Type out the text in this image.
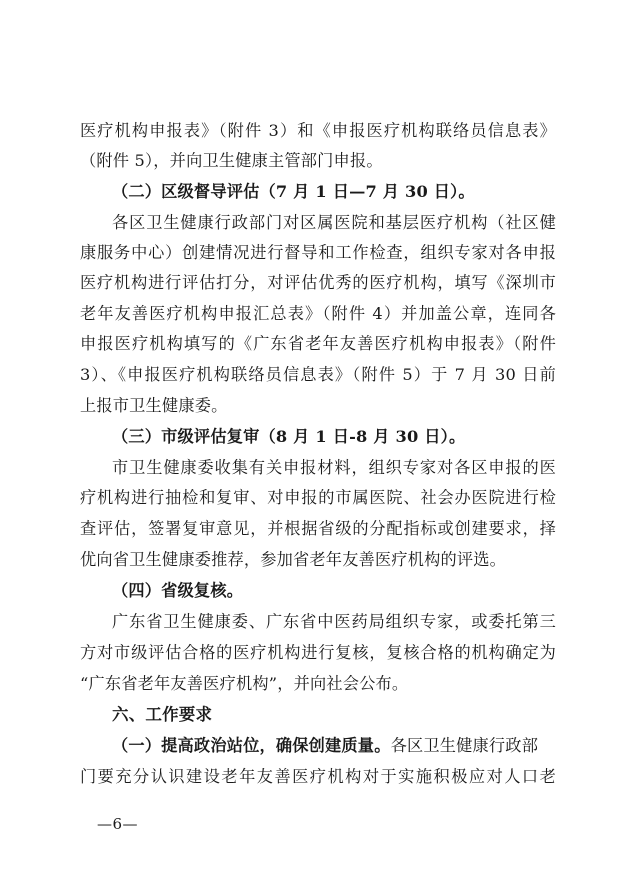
医疗机构申报表》（附件 3）和《申报医疗机构联络员信息表》
（附件 5），并向卫生健康主管部门申报。
（二）区级督导评估（7 月 1 日—7 月 30 日）。
各区卫生健康行政部门对区属医院和基层医疗机构（社区健
康服务中心）创建情况进行督导和工作检查，组织专家对各申报
医疗机构进行评估打分，对评估优秀的医疗机构，填写《深圳市
老年友善医疗机构申报汇总表》（附件 4）并加盖公章，连同各
申报医疗机构填写的《广东省老年友善医疗机构申报表》（附件
3）、《申报医疗机构联络员信息表》（附件 5）于 7 月 30 日前
上报市卫生健康委。
（三）市级评估复审（8 月 1 日-8 月 30 日）。
市卫生健康委收集有关申报材料，组织专家对各区申报的医
疗机构进行抽检和复审、对申报的市属医院、社会办医院进行检
查评估，签署复审意见，并根据省级的分配指标或创建要求，择
优向省卫生健康委推荐，参加省老年友善医疗机构的评选。
（四）省级复核。
广东省卫生健康委、广东省中医药局组织专家，或委托第三
方对市级评估合格的医疗机构进行复核，复核合格的机构确定为
“广东省老年友善医疗机构”，并向社会公布。
六、工作要求
（一）提高政治站位，确保创建质量。各区卫生健康行政部
门要充分认识建设老年友善医疗机构对于实施积极应对人口老
—6—
